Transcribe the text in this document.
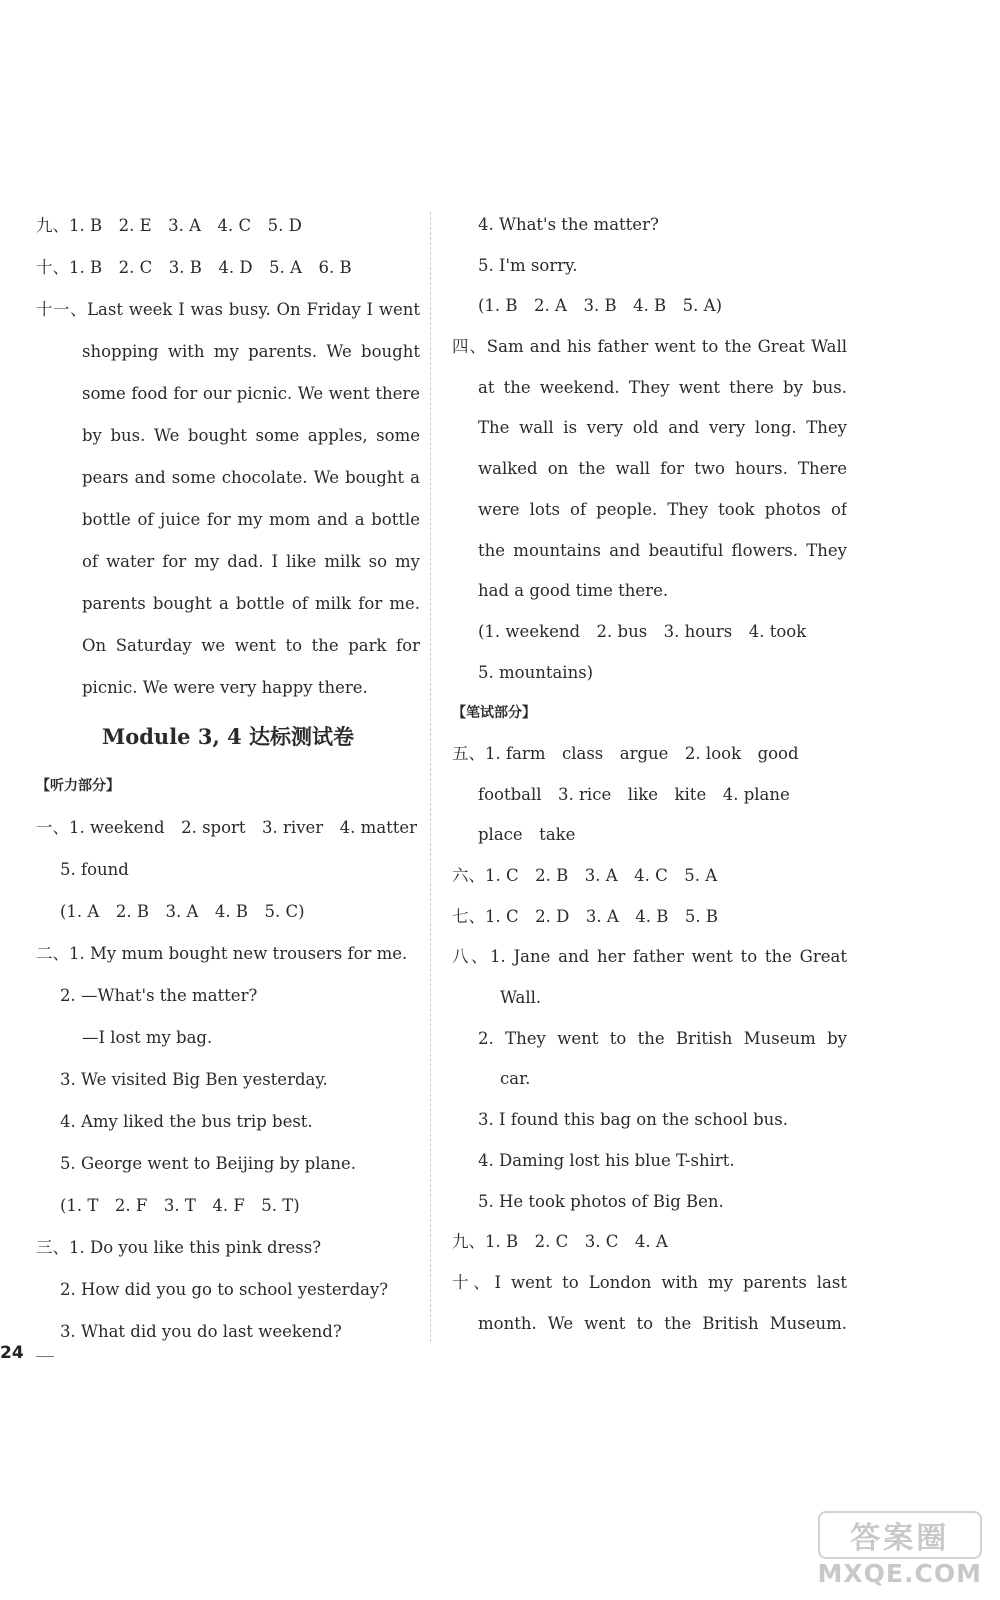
九、1. B　2. E　3. A　4. C　5. D
十、1. B　2. C　3. B　4. D　5. A　6. B
十一、Last week I was busy. On Friday I went
shopping with my parents. We bought
some food for our picnic. We went there
by bus. We bought some apples, some
pears and some chocolate. We bought a
bottle of juice for my mom and a bottle
of water for my dad. I like milk so my
parents bought a bottle of milk for me.
On Saturday we went to the park for
picnic. We were very happy there.
Module 3, 4 达标测试卷
【听力部分】
一、1. weekend　2. sport　3. river　4. matter
5. found
(1. A　2. B　3. A　4. B　5. C)
二、1. My mum bought new trousers for me.
2. —What's the matter?
—I lost my bag.
3. We visited Big Ben yesterday.
4. Amy liked the bus trip best.
5. George went to Beijing by plane.
(1. T　2. F　3. T　4. F　5. T)
三、1. Do you like this pink dress?
2. How did you go to school yesterday?
3. What did you do last weekend?
4. What's the matter?
5. I'm sorry.
(1. B　2. A　3. B　4. B　5. A)
四、Sam and his father went to the Great Wall
at the weekend. They went there by bus.
The wall is very old and very long. They
walked on the wall for two hours. There
were lots of people. They took photos of
the mountains and beautiful flowers. They
had a good time there.
(1. weekend　2. bus　3. hours　4. took
5. mountains)
【笔试部分】
五、1. farm　class　argue　2. look　good
football　3. rice　like　kite　4. plane
place　take
六、1. C　2. B　3. A　4. C　5. A
七、1. C　2. D　3. A　4. B　5. B
八、1. Jane and her father went to the Great
Wall.
2. They went to the British Museum by
car.
3. I found this bag on the school bus.
4. Daming lost his blue T-shirt.
5. He took photos of Big Ben.
九、1. B　2. C　3. C　4. A
十、I went to London with my parents last
month. We went to the British Museum.
24
答案圈
MXQE.COM
